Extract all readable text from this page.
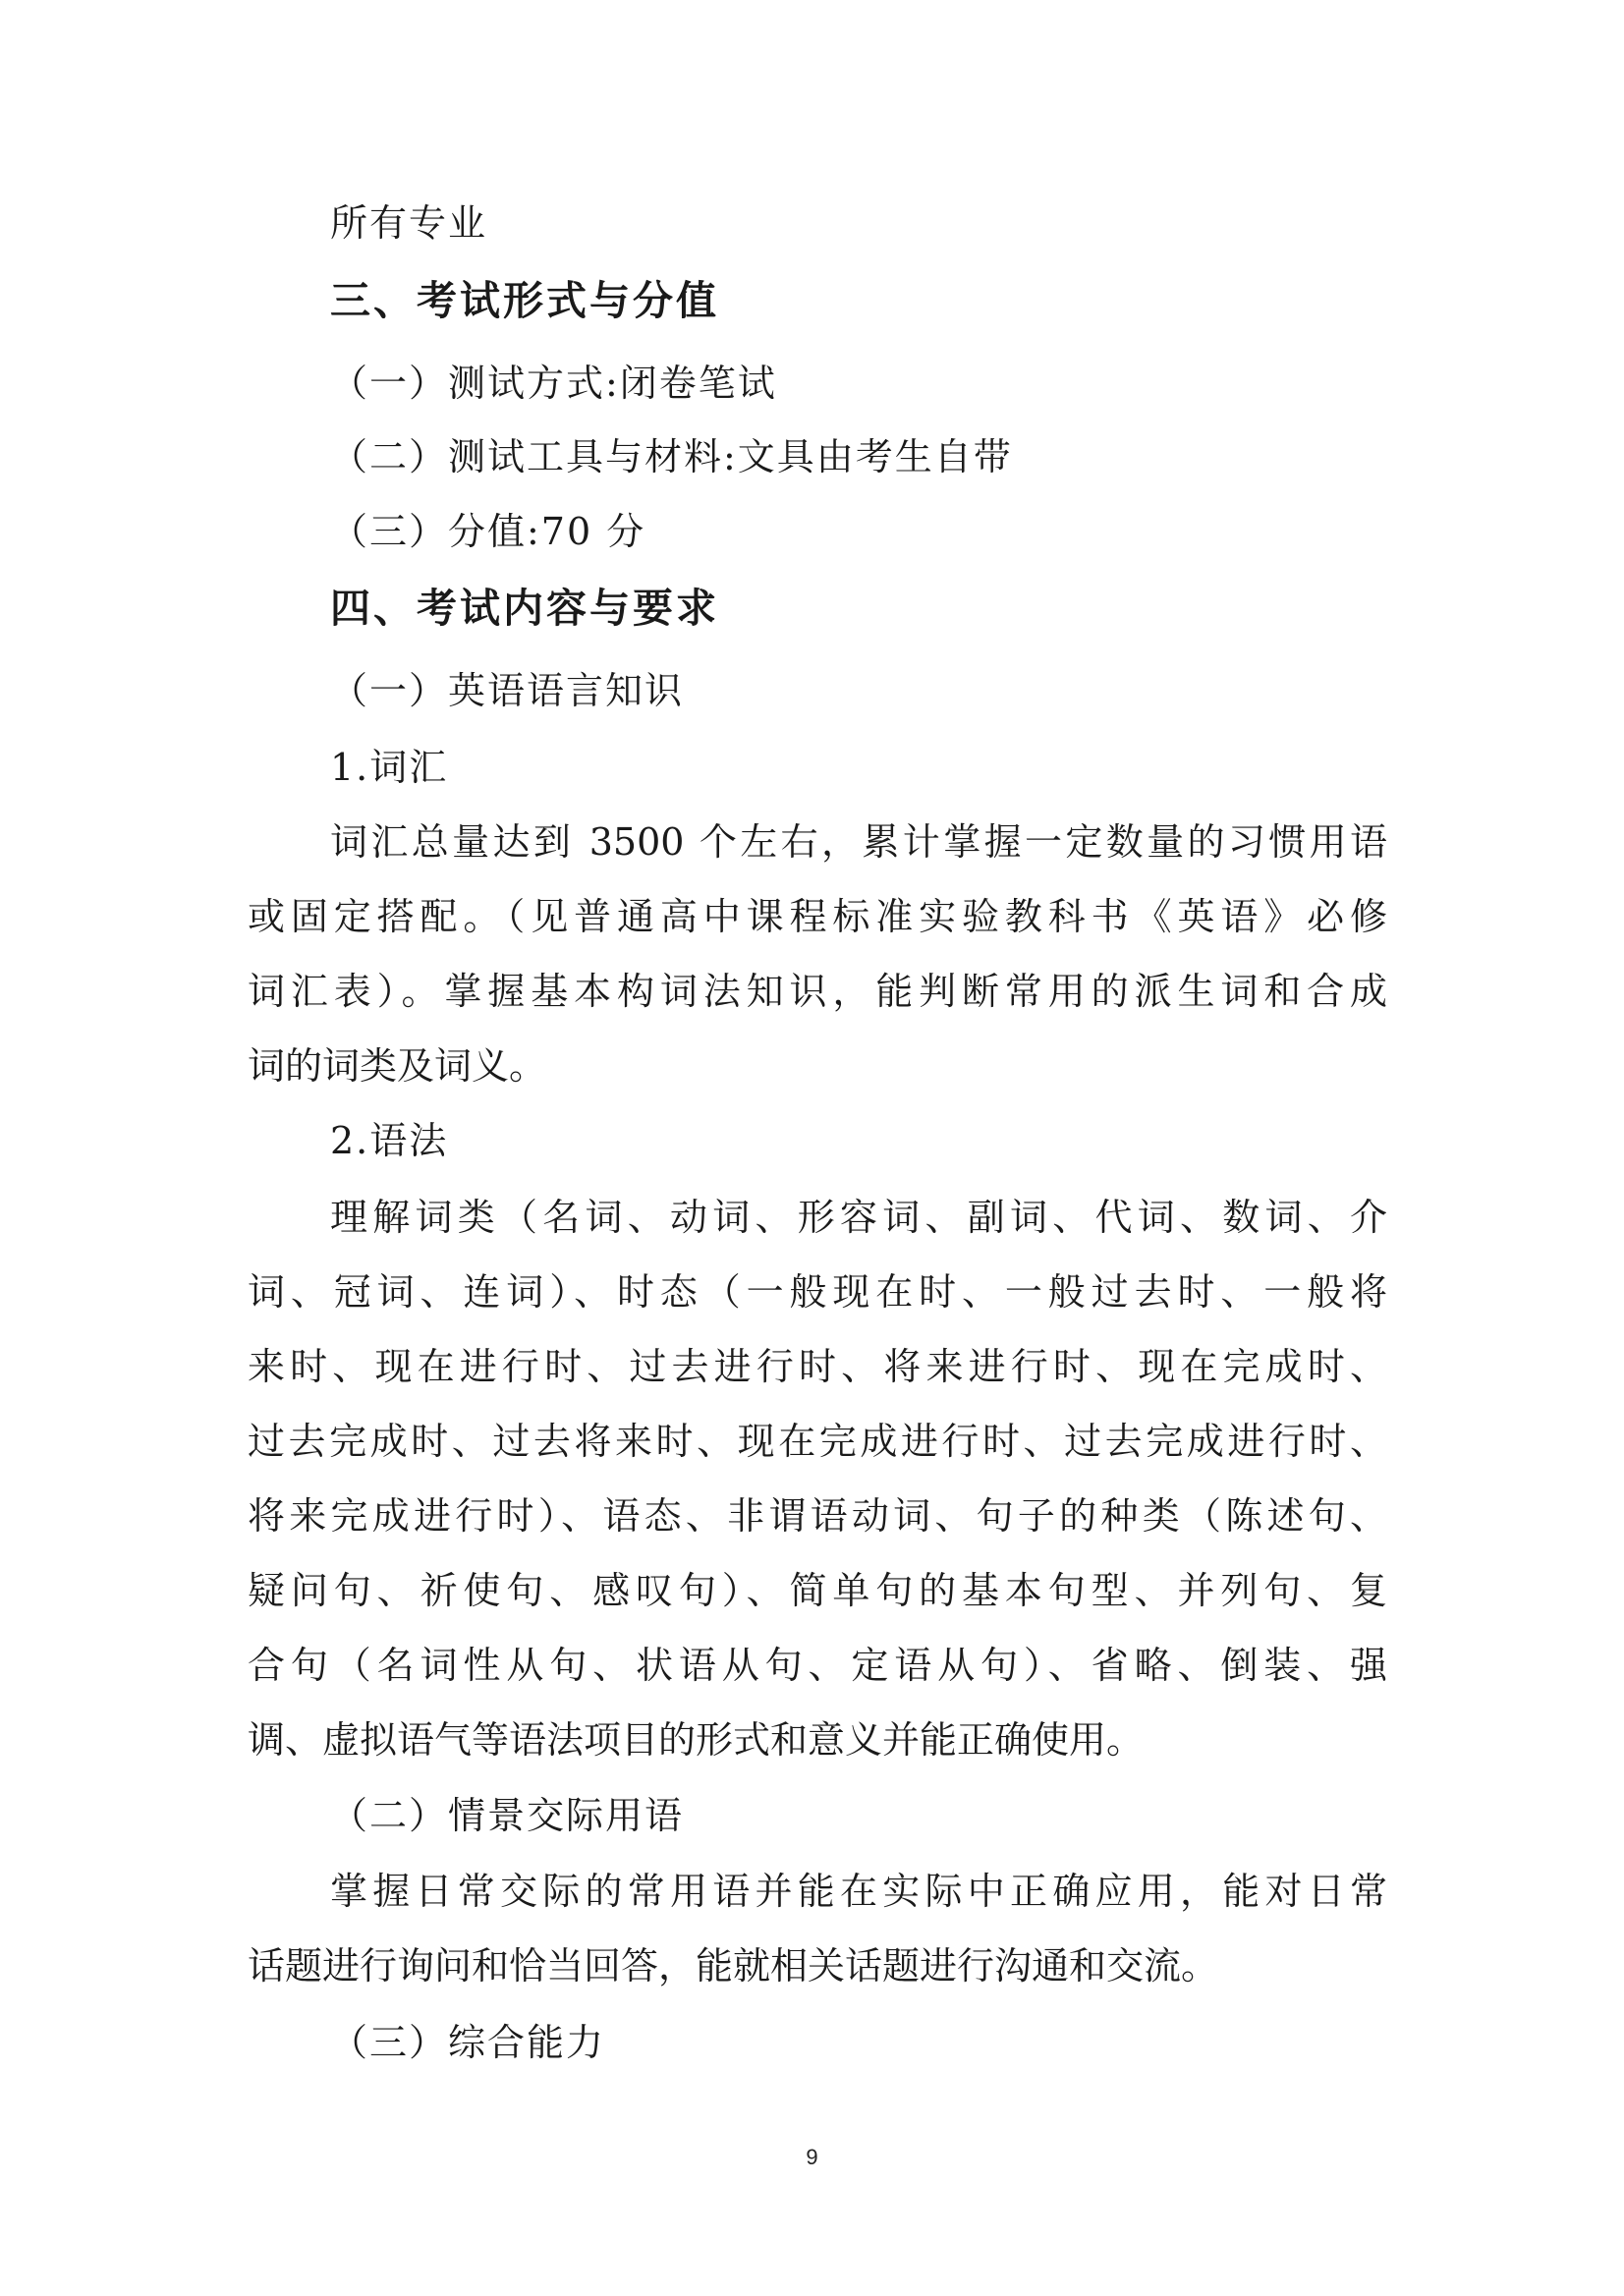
所有专业
三、考试形式与分值
（一）测试方式:闭卷笔试
（二）测试工具与材料:文具由考生自带
（三）分值:70 分
四、考试内容与要求
（一）英语语言知识
1.词汇
词汇总量达到 3500 个左右，累计掌握一定数量的习惯用语
或固定搭配。（见普通高中课程标准实验教科书《英语》必修
词汇表）。掌握基本构词法知识，能判断常用的派生词和合成
词的词类及词义。
2.语法
理解词类（名词、动词、形容词、副词、代词、数词、介
词、冠词、连词）、时态（一般现在时、一般过去时、一般将
来时、现在进行时、过去进行时、将来进行时、现在完成时、
过去完成时、过去将来时、现在完成进行时、过去完成进行时、
将来完成进行时）、语态、非谓语动词、句子的种类（陈述句、
疑问句、祈使句、感叹句）、简单句的基本句型、并列句、复
合句（名词性从句、状语从句、定语从句）、省略、倒装、强
调、虚拟语气等语法项目的形式和意义并能正确使用。
（二）情景交际用语
掌握日常交际的常用语并能在实际中正确应用，能对日常
话题进行询问和恰当回答，能就相关话题进行沟通和交流。
（三）综合能力
9
